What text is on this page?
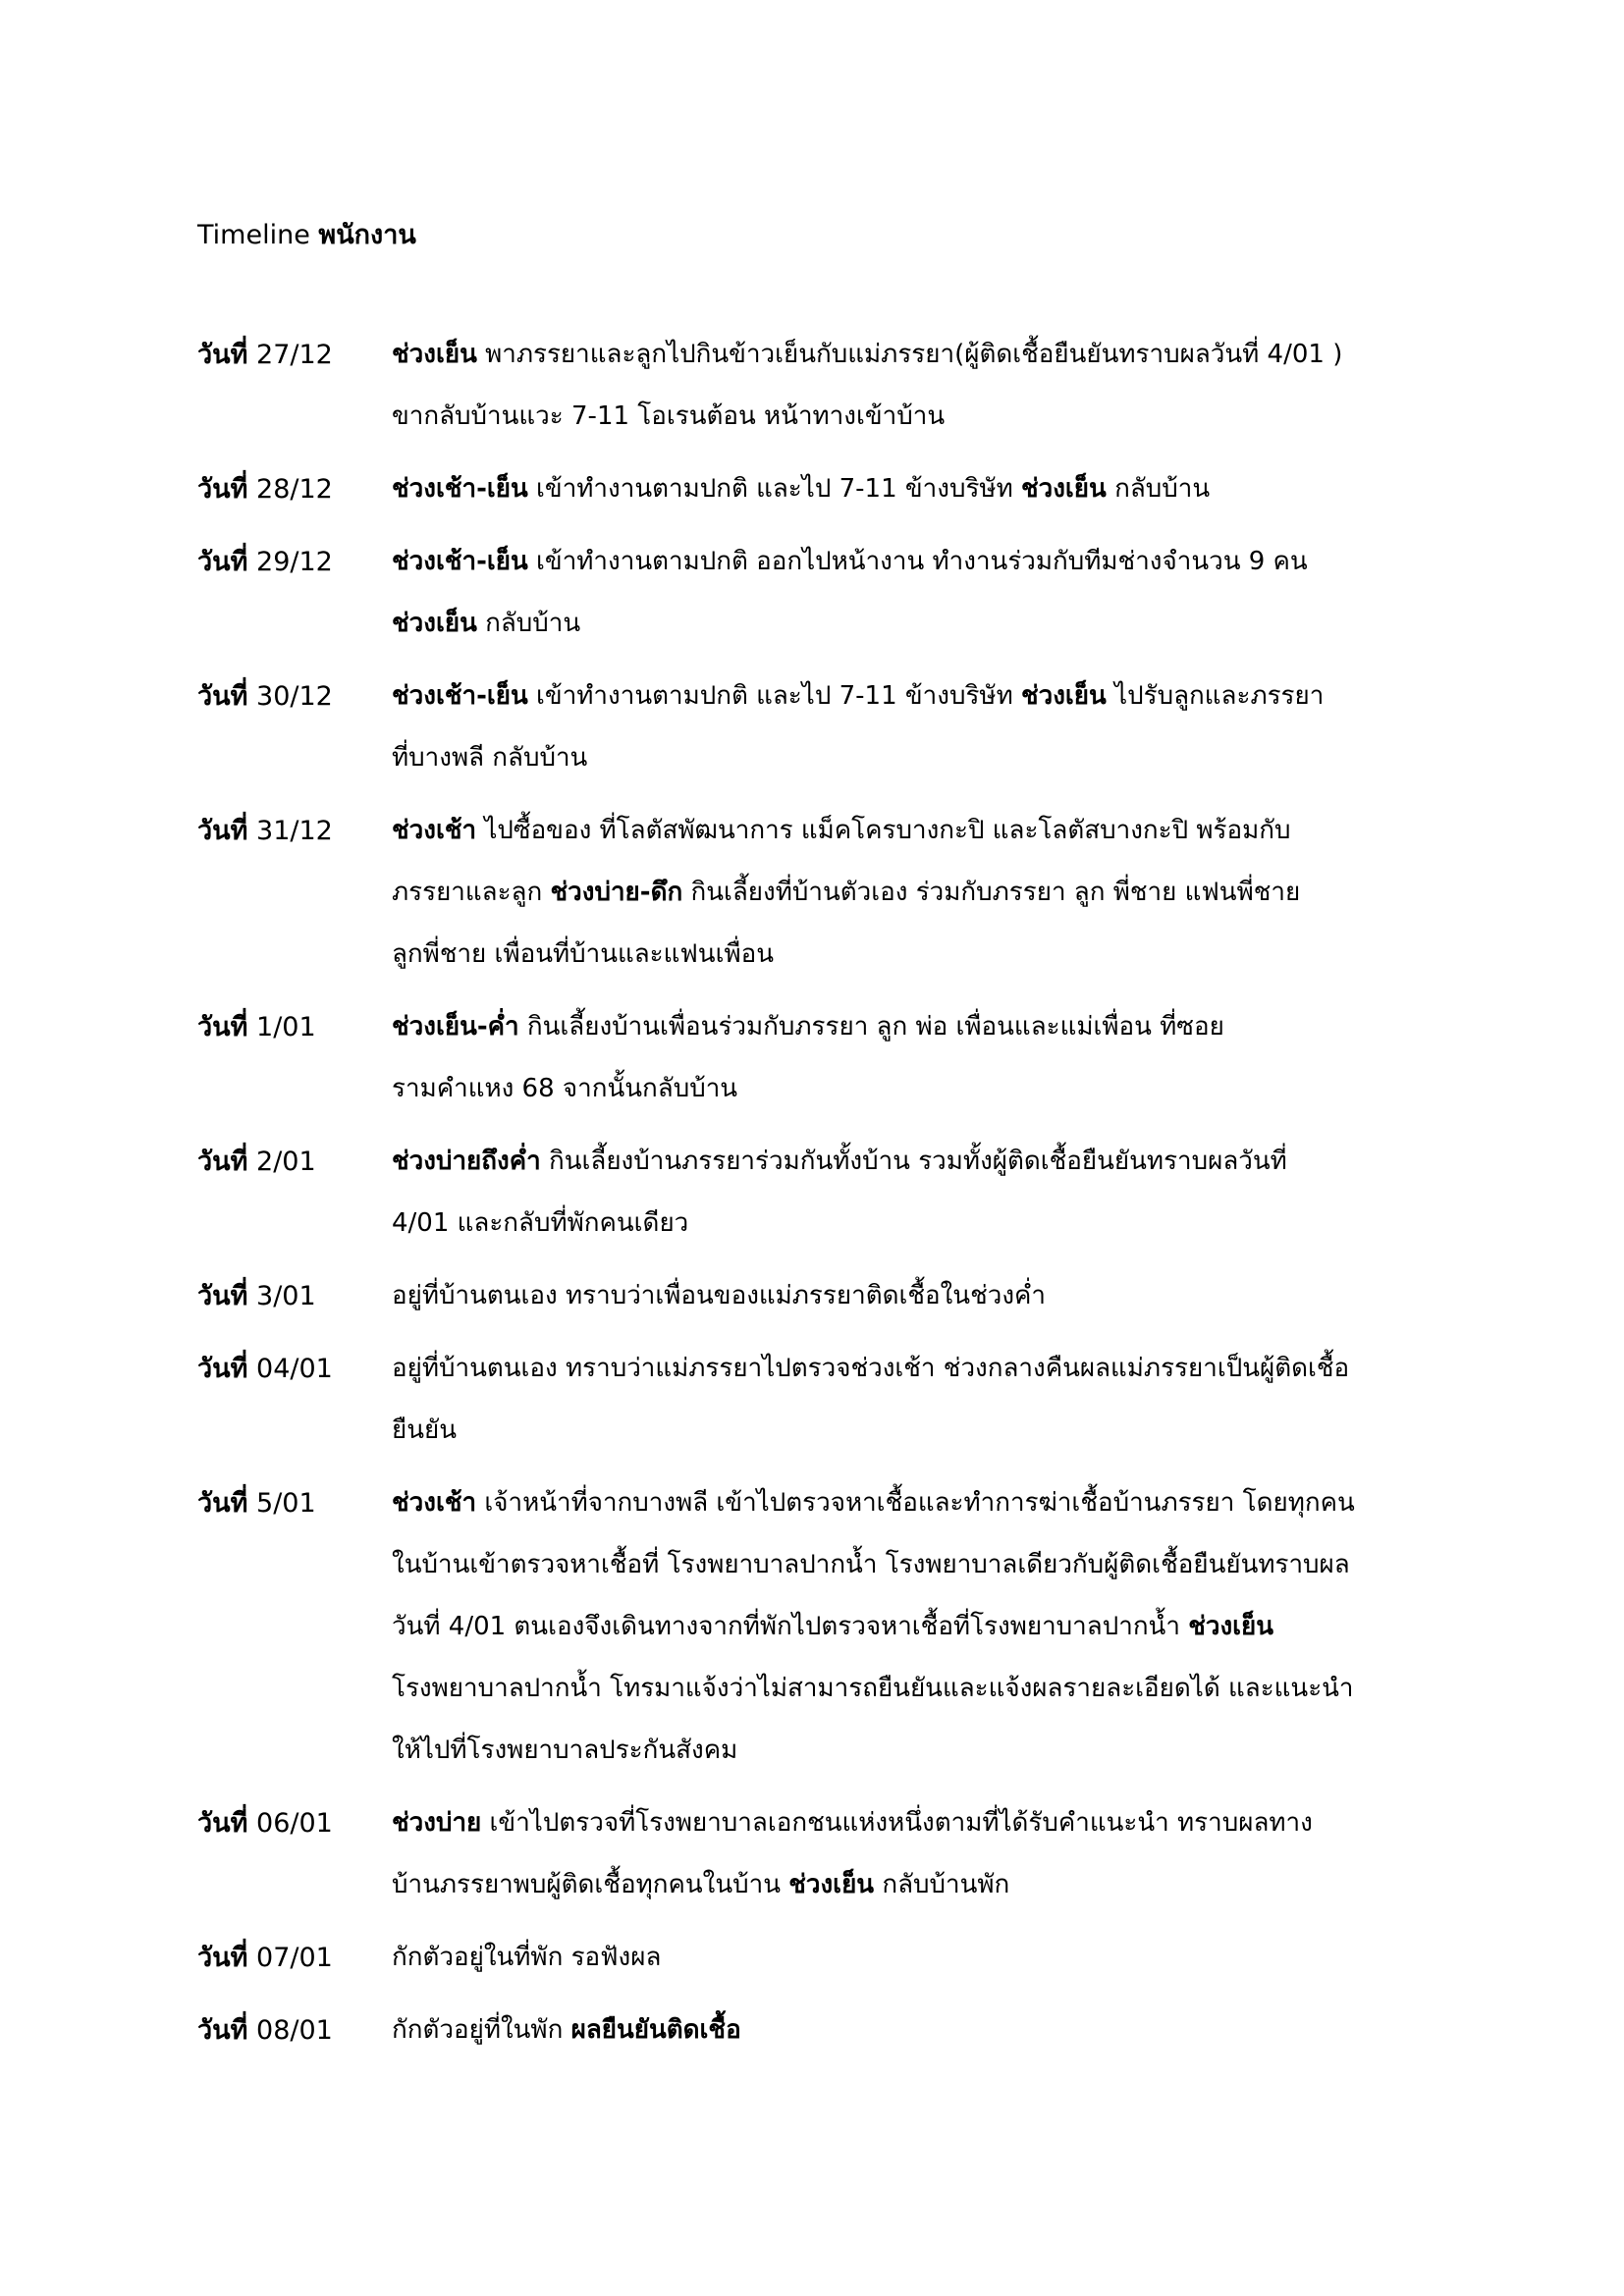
Timeline พนักงาน
วันที่ 27/12	ช่วงเย็น พาภรรยาและลูกไปกินข้าวเย็นกับแม่ภรรยา(ผู้ติดเชื้อยืนยันทราบผลวันที่ 4/01 )
ขากลับบ้านแวะ 7-11 โอเรนต้อน หน้าทางเข้าบ้าน
วันที่ 28/12	ช่วงเช้า-เย็น เข้าทำงานตามปกติ และไป 7-11 ข้างบริษัท ช่วงเย็น กลับบ้าน
วันที่ 29/12	ช่วงเช้า-เย็น เข้าทำงานตามปกติ ออกไปหน้างาน ทำงานร่วมกับทีมช่างจำนวน 9 คน
ช่วงเย็น กลับบ้าน
วันที่ 30/12	ช่วงเช้า-เย็น เข้าทำงานตามปกติ และไป 7-11 ข้างบริษัท ช่วงเย็น ไปรับลูกและภรรยา
ที่บางพลี กลับบ้าน
วันที่ 31/12	ช่วงเช้า ไปซื้อของ ที่โลตัสพัฒนาการ แม็คโครบางกะปิ และโลตัสบางกะปิ พร้อมกับ
ภรรยาและลูก ช่วงบ่าย-ดึก กินเลี้ยงที่บ้านตัวเอง ร่วมกับภรรยา ลูก พี่ชาย แฟนพี่ชาย
ลูกพี่ชาย เพื่อนที่บ้านและแฟนเพื่อน
วันที่ 1/01	ช่วงเย็น-ค่ำ กินเลี้ยงบ้านเพื่อนร่วมกับภรรยา ลูก พ่อ เพื่อนและแม่เพื่อน ที่ซอย
รามคำแหง 68 จากนั้นกลับบ้าน
วันที่ 2/01	ช่วงบ่ายถึงค่ำ กินเลี้ยงบ้านภรรยาร่วมกันทั้งบ้าน รวมทั้งผู้ติดเชื้อยืนยันทราบผลวันที่
4/01 และกลับที่พักคนเดียว
วันที่ 3/01	อยู่ที่บ้านตนเอง ทราบว่าเพื่อนของแม่ภรรยาติดเชื้อในช่วงค่ำ
วันที่ 04/01	อยู่ที่บ้านตนเอง ทราบว่าแม่ภรรยาไปตรวจช่วงเช้า ช่วงกลางคืนผลแม่ภรรยาเป็นผู้ติดเชื้อ
ยืนยัน
วันที่ 5/01	ช่วงเช้า เจ้าหน้าที่จากบางพลี เข้าไปตรวจหาเชื้อและทำการฆ่าเชื้อบ้านภรรยา โดยทุกคน
ในบ้านเข้าตรวจหาเชื้อที่ โรงพยาบาลปากน้ำ โรงพยาบาลเดียวกับผู้ติดเชื้อยืนยันทราบผล
วันที่ 4/01 ตนเองจึงเดินทางจากที่พักไปตรวจหาเชื้อที่โรงพยาบาลปากน้ำ ช่วงเย็น
โรงพยาบาลปากน้ำ โทรมาแจ้งว่าไม่สามารถยืนยันและแจ้งผลรายละเอียดได้ และแนะนำ
ให้ไปที่โรงพยาบาลประกันสังคม
วันที่ 06/01	ช่วงบ่าย เข้าไปตรวจที่โรงพยาบาลเอกชนแห่งหนึ่งตามที่ได้รับคำแนะนำ ทราบผลทาง
บ้านภรรยาพบผู้ติดเชื้อทุกคนในบ้าน ช่วงเย็น กลับบ้านพัก
วันที่ 07/01	กักตัวอยู่ในที่พัก รอฟังผล
วันที่ 08/01	กักตัวอยู่ที่ในพัก ผลยืนยันติดเชื้อ
